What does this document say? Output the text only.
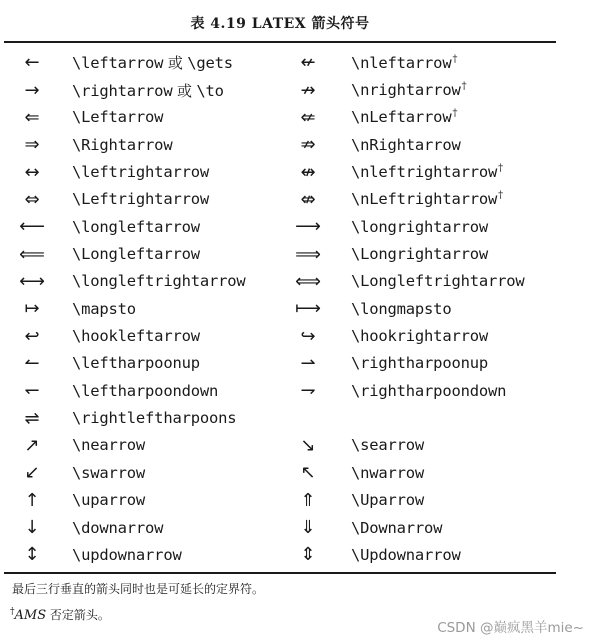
表 4.19 LATEX 箭头符号
←	\leftarrow 或 \gets	↚	\nleftarrow†
→	\rightarrow 或 \to	↛	\nrightarrow†
⇐	\Leftarrow	⇍	\nLeftarrow†
⇒	\Rightarrow	⇏	\nRightarrow
↔	\leftrightarrow	↮	\nleftrightarrow†
⇔	\Leftrightarrow	⇎	\nLeftrightarrow†
⟵	\longleftarrow	⟶	\longrightarrow
⟸	\Longleftarrow	⟹	\Longrightarrow
⟷	\longleftrightarrow	⟺	\Longleftrightarrow
↦	\mapsto	⟼	\longmapsto
↩	\hookleftarrow	↪	\hookrightarrow
↼	\leftharpoonup	⇀	\rightharpoonup
↽	\leftharpoondown	⇁	\rightharpoondown
⇌	\rightleftharpoons		
↗	\nearrow	↘	\searrow
↙	\swarrow	↖	\nwarrow
↑	\uparrow	⇑	\Uparrow
↓	\downarrow	⇓	\Downarrow
↕	\updownarrow	⇕	\Updownarrow
最后三行垂直的箭头同时也是可延长的定界符。
†AMS 否定箭头。
CSDN @巅疯黑羊mie~
